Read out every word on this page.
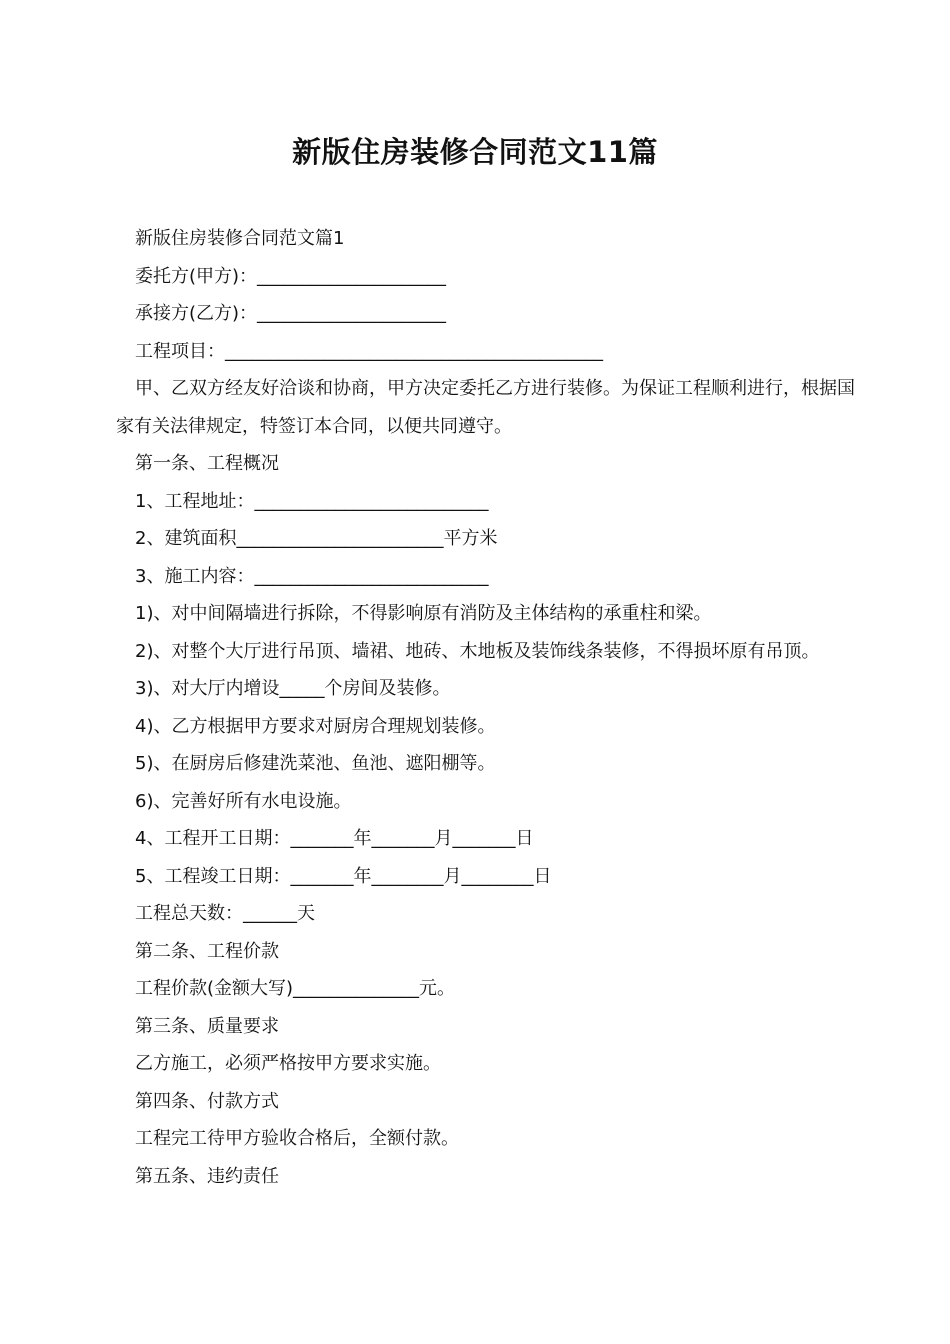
新版住房装修合同范文11篇
新版住房装修合同范文篇1
委托方(甲方)：_____________________
承接方(乙方)：_____________________
工程项目：__________________________________________
甲、乙双方经友好洽谈和协商，甲方决定委托乙方进行装修。为保证工程顺利进行，根据国家有关法律规定，特签订本合同，以便共同遵守。
第一条、工程概况
1、工程地址：__________________________
2、建筑面积_______________________平方米
3、施工内容：__________________________
1)、对中间隔墙进行拆除，不得影响原有消防及主体结构的承重柱和梁。
2)、对整个大厅进行吊顶、墙裙、地砖、木地板及装饰线条装修，不得损坏原有吊顶。
3)、对大厅内增设_____个房间及装修。
4)、乙方根据甲方要求对厨房合理规划装修。
5)、在厨房后修建洗菜池、鱼池、遮阳棚等。
6)、完善好所有水电设施。
4、工程开工日期：_______年_______月_______日
5、工程竣工日期：_______年________月________日
工程总天数：______天
第二条、工程价款
工程价款(金额大写)______________元。
第三条、质量要求
乙方施工，必须严格按甲方要求实施。
第四条、付款方式
工程完工待甲方验收合格后，全额付款。
第五条、违约责任
